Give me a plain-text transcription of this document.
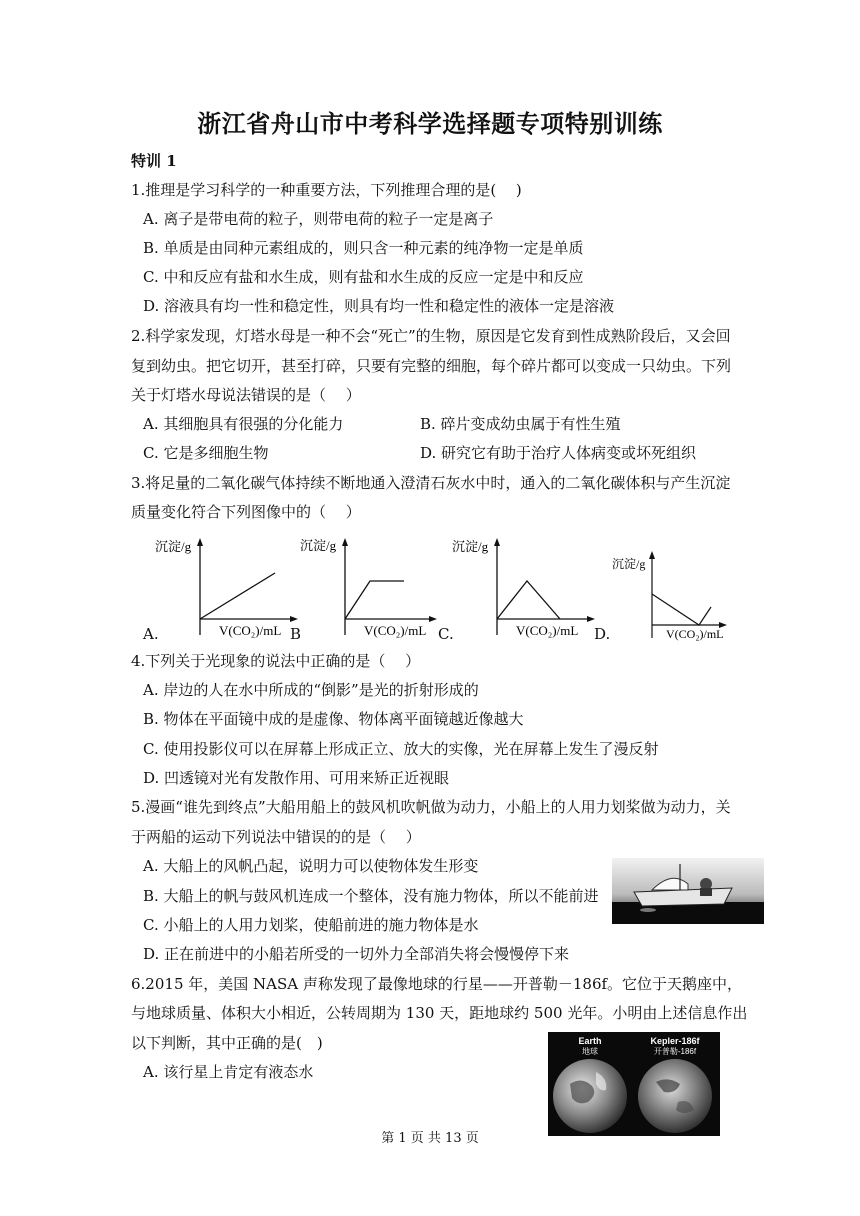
浙江省舟山市中考科学选择题专项特别训练
特训 1
1.推理是学习科学的一种重要方法，下列推理合理的是(　 )
A. 离子是带电荷的粒子，则带电荷的粒子一定是离子
B. 单质是由同种元素组成的，则只含一种元素的纯净物一定是单质
C. 中和反应有盐和水生成，则有盐和水生成的反应一定是中和反应
D. 溶液具有均一性和稳定性，则具有均一性和稳定性的液体一定是溶液
2.科学家发现，灯塔水母是一种不会“死亡”的生物，原因是它发育到性成熟阶段后，又会回
复到幼虫。把它切开，甚至打碎，只要有完整的细胞，每个碎片都可以变成一只幼虫。下列
关于灯塔水母说法错误的是（　 ）
A. 其细胞具有很强的分化能力	B. 碎片变成幼虫属于有性生殖
C. 它是多细胞生物	D. 研究它有助于治疗人体病变或坏死组织
3.将足量的二氧化碳气体持续不断地通入澄清石灰水中时，通入的二氧化碳体积与产生沉淀
质量变化符合下列图像中的（　 ）
沉淀/g
V(CO₂)/mL
A.	B
沉淀/g
V(CO₂)/mL
沉淀/g
V(CO₂)/mL
C.
沉淀/g
V(CO₂)/mL
D.
4.下列关于光现象的说法中正确的是（　 ）
A. 岸边的人在水中所成的“倒影”是光的折射形成的
B. 物体在平面镜中成的是虚像、物体离平面镜越近像越大
C. 使用投影仪可以在屏幕上形成正立、放大的实像，光在屏幕上发生了漫反射
D. 凹透镜对光有发散作用、可用来矫正近视眼
5.漫画“谁先到终点”大船用船上的鼓风机吹帆做为动力，小船上的人用力划桨做为动力，关
于两船的运动下列说法中错误的的是（　 ）
A. 大船上的风帆凸起，说明力可以使物体发生形变
B. 大船上的帆与鼓风机连成一个整体，没有施力物体，所以不能前进
C. 小船上的人用力划桨，使船前进的施力物体是水
D. 正在前进中的小船若所受的一切外力全部消失将会慢慢停下来
6.2015 年，美国 NASA 声称发现了最像地球的行星——开普勒－186f。它位于天鹅座中，
与地球质量、体积大小相近，公转周期为 130 天，距地球约 500 光年。小明由上述信息作出
以下判断，其中正确的是(　)
A. 该行星上肯定有液态水
Earth
地球
Kepler-186f
开普勒-186f
第 1 页 共 13 页
